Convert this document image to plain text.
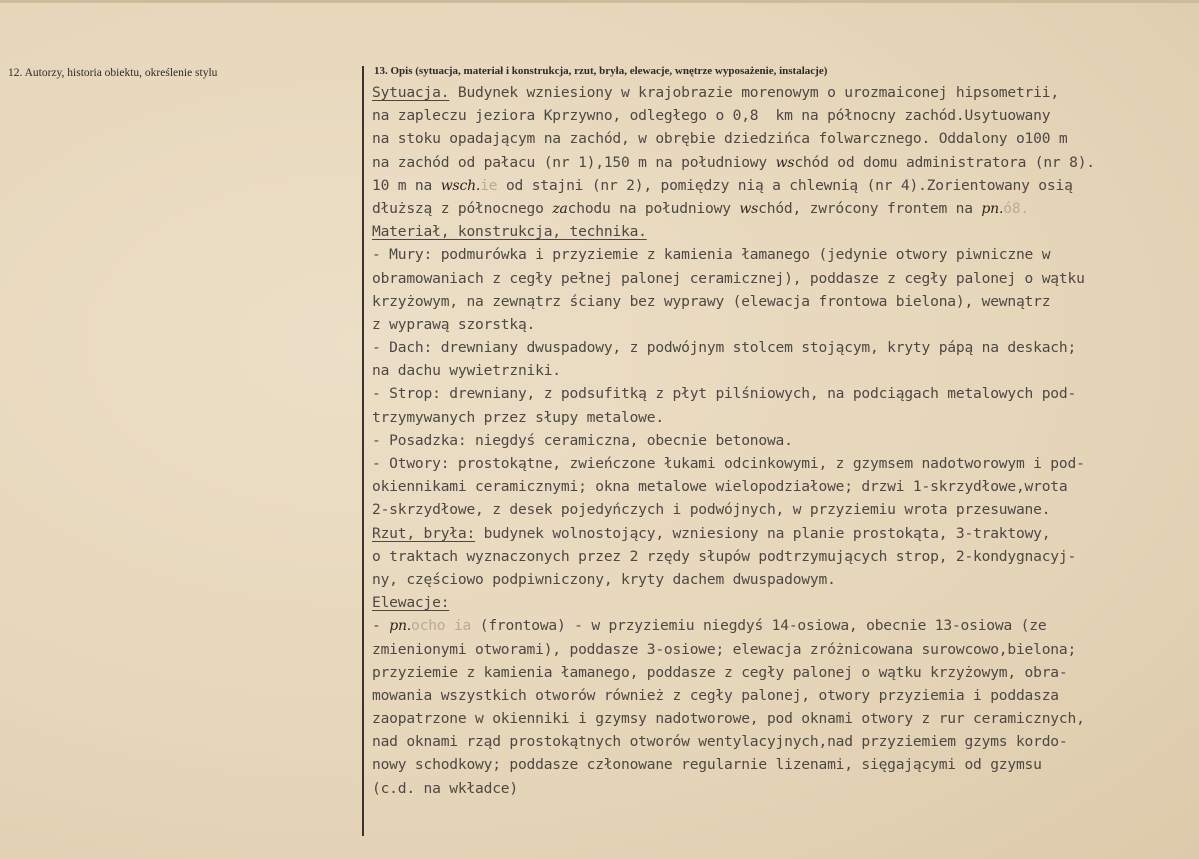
12. Autorzy, historia obiektu, określenie stylu	13. Opis (sytuacja, materiał i konstrukcja, rzut, bryła, elewacje, wnętrze wyposażenie, instalacje)
Sytuacja. Budynek wzniesiony w krajobrazie morenowym o urozmaiconej hipsometrii,
na zapleczu jeziora Kprzywno, odległego o 0,8  km na północny zachód.Usytuowany
na stoku opadającym na zachód, w obrębie dziedzińca folwarcznego. Oddalony o100 m
na zachód od pałacu (nr 1),150 m na południowy wschód od domu administratora (nr 8).
10 m na wsch.ie od stajni (nr 2), pomiędzy nią a chlewnią (nr 4).Zorientowany osią
dłuższą z północnego zachodu na południowy wschód, zwrócony frontem na pn.ó8.
Materiał, konstrukcja, technika.
- Mury: podmurówka i przyziemie z kamienia łamanego (jedynie otwory piwniczne w
obramowaniach z cegły pełnej palonej ceramicznej), poddasze z cegły palonej o wątku
krzyżowym, na zewnątrz ściany bez wyprawy (elewacja frontowa bielona), wewnątrz
z wyprawą szorstką.
- Dach: drewniany dwuspadowy, z podwójnym stolcem stojącym, kryty pápą na deskach;
na dachu wywietrzniki.
- Strop: drewniany, z podsufitką z płyt pilśniowych, na podciągach metalowych pod-
trzymywanych przez słupy metalowe.
- Posadzka: niegdyś ceramiczna, obecnie betonowa.
- Otwory: prostokątne, zwieńczone łukami odcinkowymi, z gzymsem nadotworowym i pod-
okiennikami ceramicznymi; okna metalowe wielopodziałowe; drzwi 1-skrzydłowe,wrota
2-skrzydłowe, z desek pojedyńczych i podwójnych, w przyziemiu wrota przesuwane.
Rzut, bryła: budynek wolnostojący, wzniesiony na planie prostokąta, 3-traktowy,
o traktach wyznaczonych przez 2 rzędy słupów podtrzymujących strop, 2-kondygnacyj-
ny, częściowo podpiwniczony, kryty dachem dwuspadowym.
Elewacje:
- pn.ocho ia (frontowa) - w przyziemiu niegdyś 14-osiowa, obecnie 13-osiowa (ze
zmienionymi otworami), poddasze 3-osiowe; elewacja zróżnicowana surowcowo,bielona;
przyziemie z kamienia łamanego, poddasze z cegły palonej o wątku krzyżowym, obra-
mowania wszystkich otworów również z cegły palonej, otwory przyziemia i poddasza
zaopatrzone w okienniki i gzymsy nadotworowe, pod oknami otwory z rur ceramicznych,
nad oknami rząd prostokątnych otworów wentylacyjnych,nad przyziemiem gzyms kordo-
nowy schodkowy; poddasze członowane regularnie lizenami, sięgającymi od gzymsu
(c.d. na wkładce)
